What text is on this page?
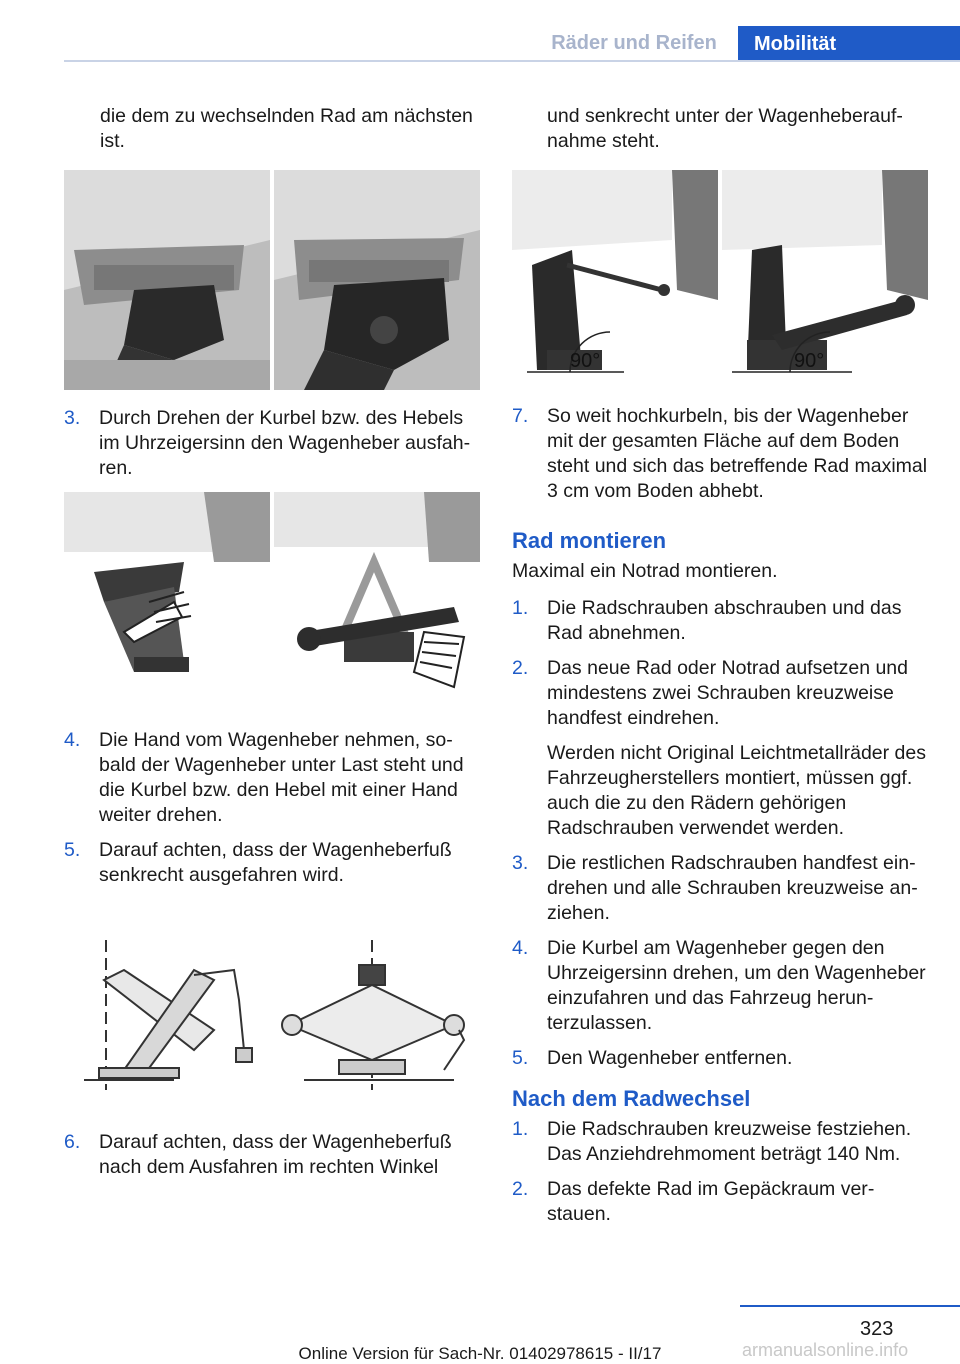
Räder und Reifen	Mobilität

die dem zu wechselnden Rad am nächsten ist.

3. Durch Drehen der Kurbel bzw. des Hebels im Uhrzeigersinn den Wagenheber ausfahren.
4. Die Hand vom Wagenheber nehmen, sobald der Wagenheber unter Last steht und die Kurbel bzw. den Hebel mit einer Hand weiter drehen.
5. Darauf achten, dass der Wagenheberfuß senkrecht ausgefahren wird.
6. Darauf achten, dass der Wagenheberfuß nach dem Ausfahren im rechten Winkel

und senkrecht unter der Wagenheberaufnahme steht.

90°	90°
7. So weit hochkurbeln, bis der Wagenheber mit der gesamten Fläche auf dem Boden steht und sich das betreffende Rad maximal 3 cm vom Boden abhebt.
Rad montieren

Maximal ein Notrad montieren.

1. Die Radschrauben abschrauben und das Rad abnehmen.
2. Das neue Rad oder Notrad aufsetzen und mindestens zwei Schrauben kreuzweise handfest eindrehen.
Werden nicht Original Leichtmetallräder des Fahrzeugherstellers montiert, müssen ggf. auch die zu den Rädern gehörigen Radschrauben verwendet werden.
3. Die restlichen Radschrauben handfest eindrehen und alle Schrauben kreuzweise anziehen.
4. Die Kurbel am Wagenheber gegen den Uhrzeigersinn drehen, um den Wagenheber einzufahren und das Fahrzeug herunterzulassen.
5. Den Wagenheber entfernen.
Nach dem Radwechsel
1. Die Radschrauben kreuzweise festziehen. Das Anziehdrehmoment beträgt 140 Nm.
2. Das defekte Rad im Gepäckraum verstauen.
323
armanualsonline.info
Online Version für Sach-Nr. 01402978615 - II/17
